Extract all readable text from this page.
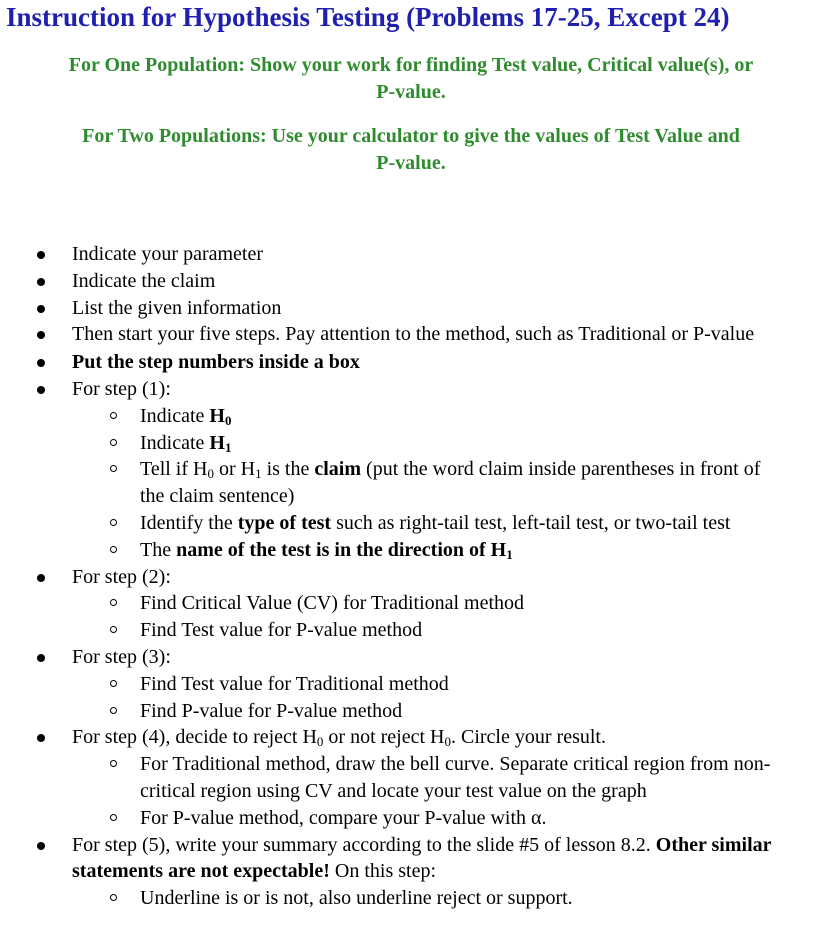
Instruction for Hypothesis Testing (Problems 17-25, Except 24)

For One Population: Show your work for finding Test value, Critical value(s), or
P-value.

For Two Populations: Use your calculator to give the values of Test Value and
P-value.

Indicate your parameter
Indicate the claim
List the given information
Then start your five steps. Pay attention to the method, such as Traditional or P-value
Put the step numbers inside a box
For step (1):
Indicate $H_0$
Indicate $H_1$
Tell if $H_0$ or $H_1$ is the claim (put the word claim inside parentheses in front of the claim sentence)
Identify the type of test such as right-tail test, left-tail test, or two-tail test
The name of the test is in the direction of $H_1$
For step (2):
Find Critical Value (CV) for Traditional method
Find Test value for P-value method
For step (3):
Find Test value for Traditional method
Find P-value for P-value method
For step (4), decide to reject $H_0$ or not reject $H_0$. Circle your result.
For Traditional method, draw the bell curve. Separate critical region from non-critical region using CV and locate your test value on the graph
For P-value method, compare your P-value with α.
For step (5), write your summary according to the slide #5 of lesson 8.2. Other similar statements are not expectable! On this step:
Underline is or is not, also underline reject or support.
